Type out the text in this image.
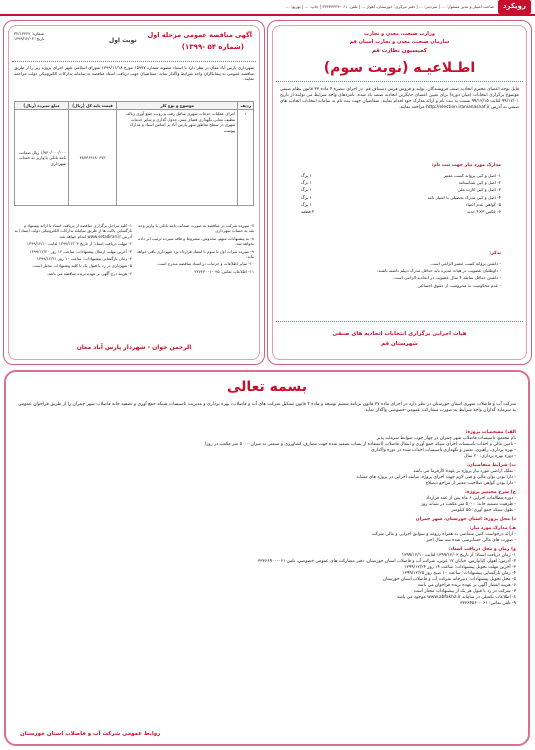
رویکرد
صاحب امتیاز و مدیر مسئول: ... | سردبیر: ... | دفتر مرکزی: خوزستان، اهواز ... | تلفن: ۰۶۱-۳۳۳۳۳۳۳۳ | چاپ: ... | توزیع: ...
وزارت صنعت، معدن و تجارت
سازمان صنعت، معدن و تجارت استان قم
کمیسیون نظارت قم
اطـلاعیـه (نوبت سوم)
قابل توجه اعضای محترم اتحادیه صنف فروشندگان، تولید و فروش فرش دستباف قم. در اجرای تبصره ۴ ماده ۳۳ قانون نظام صنفی موضوع برگزاری انتخابات (میان دوره) برای تعیین اعضای جایگزین اتحادیه صنف یاد شده، نامزدهای واجد شرایط می توانند از تاریخ ۹۹/۱۲/۰۱ لغایت ۹۹/۱۲/۱۵ نسبت به ثبت نام و ارائه مدارک خود اقدام نمایند. متقاضیان جهت ثبت نام به سامانه انتخابات اتحادیه های صنفی به آدرس http://election.iranianasnaf.ir مراجعه نمایند.
مدارک مورد نیاز جهت ثبت نام:
۱- اصل و کپی پروانه کسب معتبر
۱ برگ
۲- اصل و کپی شناسنامه
۱ برگ
۳- اصل و کپی کارت ملی
۱ برگ
۴- اصل و کپی مدرک تحصیلی یا امتیاز نامه
۱ برگ
۵- گواهی عدم اعتیاد
۱ برگ
۶- عکس ۳×۴ جدید
۴ قطعه
تذکر:
- داشتن پروانه کسب معتبر الزامی است.
- داوطلبان عضویت در هیات مدیره باید حداقل مدرک دیپلم داشته باشند.
- داشتن حداقل سابقه ۴ سال عضویت در اتحادیه الزامی است.
- عدم محکومیت به محرومیت از حقوق اجتماعی
هیات اجرایی برگزاری انتخابات اتحادیه های صنفی
شهرستان قم
نوبت اول
شماره: ۳۲/۱۳۲۲۲
تاریخ: ۱۳۹۹/۱۲/۰۳	آگهی مناقصه عمومی مرحله اول
(شماره ۵۴ -۱۳۹۹)
شهرداری پارس آباد مغان در نظر دارد با استناد مصوبه شماره ۱۵۹۷۷ مورخ ۱۳۹۹/۱۱/۱۸ شورای اسلامی شهر اجرای پروژه زیر را از طریق مناقصه عمومی به پیمانکاران واجد شرایط واگذار نماید. متقاضیان جهت دریافت اسناد مناقصه به سامانه تدارکات الکترونیکی دولت مراجعه نمایند.
ردیف	موضوع و نوع کار	قیمت پایه کل (ریال)	مبلغ سپرده (ریال)
۱	اجرای عملیات خدمات شهری شامل رفت و روب، جمع آوری زباله، تنظیف معابر، نگهداری فضای سبز، جدول گذاری و سایر خدمات شهری در سطح مناطق شهر پارس آباد بر اساس اسناد و مدارک پیوست	۳۸۷۳۶۴۶۸۰۶۷۳	۱/۹۳۰/۰۰۰/۰۰۰ ریال ضمانت نامه بانکی یا واریز به حساب شهرداری
۷- سپرده شرکت در مناقصه به صورت ضمانت نامه بانکی یا واریز وجه نقد به حساب شهرداری
۸- به پیشنهادات مبهم، مخدوش، مشروط و فاقد سپرده ترتیب اثر داده نخواهد شد.
۹- سپرده نفرات اول تا سوم تا انعقاد قرارداد نزد شهرداری باقی خواهد ماند.
۱۰- سایر اطلاعات و جزئیات در اسناد مناقصه مندرج است.
۱۱- اطلاعات تماس: ۰۴۵-۳۲۷۲۳۰۰۱
۱- کلیه مراحل برگزاری مناقصه از دریافت اسناد تا ارائه پیشنهاد و بازگشایی پاکت ها از طریق سامانه تدارکات الکترونیکی دولت (ستاد) به آدرس www.setadiran.ir انجام خواهد شد.
۲- مهلت دریافت اسناد: از تاریخ ۱۳۹۹/۱۲/۰۳ لغایت ۱۳۹۹/۱۲/۱۰
۳- آخرین مهلت ارسال پیشنهادات: ساعت ۱۴ روز ۱۳۹۹/۱۲/۲۰
۴- زمان بازگشایی پیشنهادات: ساعت ۱۰ روز ۱۳۹۹/۱۲/۲۱
۵- شهرداری در رد یا قبول یک یا کلیه پیشنهادات مختار است.
۶- هزینه درج آگهی بر عهده برنده مناقصه می باشد.
الرحمن جوان - شهردار پارس آباد مغان
بسمه تعالی
شرکت آب و فاضلاب شهری استان خوزستان در نظر دارد در اجرای ماده ۲۷ قانون برنامه ششم توسعه و ماده ۳ قانون تشکیل شرکت های آب و فاضلاب، بهره برداری و مدیریت تاسیسات شبکه جمع آوری و تصفیه خانه فاضلاب شهر چمران را از طریق فراخوان عمومی به سرمایه گذاران واجد شرایط به صورت مشارکت عمومی-خصوصی واگذار نماید.
الف) مشخصات پروژه:
نام مجتمع: تاسیسات فاضلاب شهر چمران در چهار چوب ضوابط سرمایه پذیر
- تامین مالی و احداث تاسیسات اجرای شبکه جمع آوری و انتقال فاضلاب (استفاده از پساب تصفیه شده جهت مصارف کشاورزی و صنعتی به میزان ۵۰۰۰ متر مکعب در روز)
- بهره برداری، راهبری، تعمیر و نگهداری تاسیسات احداث شده در دوره واگذاری
- دوره بهره برداری: ۲۰ سال
ب) شرایط متقاضیان:
- تملک اراضی مورد نیاز پروژه بر عهده کارفرما می باشد
- دارا بودن توان مالی و فنی لازم جهت اجرای پروژه، سابقه اجرایی در پروژه های مشابه
- دارا بودن گواهی صلاحیت معتبر از مراجع ذیصلاح
ج) شرح مختصر پروژه:
- دوره مطالعات اجرایی ۶ ماه پس از عقد قرارداد
- ظرفیت تصفیه خانه: ۵۰۰۰ متر مکعب در شبانه روز
- طول شبکه جمع آوری: ۵۵ کیلومتر
د) محل پروژه: استان خوزستان، شهر چمران
هـ) مدارک مورد نیاز:
- ارائه درخواست کتبی متقاضی به همراه رزومه و سوابق اجرایی و مالی شرکت
- صورت های مالی حسابرسی شده سه سال اخیر
و) زمان و محل دریافت اسناد:
۱- زمان دریافت اسناد: از تاریخ ۱۳۹۹/۱۲/۰۳ لغایت ۱۳۹۹/۱۲/۱۰
۲- آدرس: اهواز، کیانپارس، خیابان ۱۷ غربی، شرکت آب و فاضلاب استان خوزستان، دفتر مشارکت های عمومی خصوصی، تلفن ۰۶۱-۳۳۳۶۶۹۰۰
۳- آخرین مهلت تحویل پیشنهادات: ساعت ۱۴ روز ۱۳۹۹/۱۲/۲۴
۴- زمان بازگشایی پیشنهادات: ساعت ۱۰ صبح روز ۱۳۹۹/۱۲/۲۵
۵- محل تحویل پیشنهادات: دبیرخانه شرکت آب و فاضلاب استان خوزستان
۶- هزینه انتشار آگهی بر عهده برنده فراخوان می باشد
۷- شرکت در رد یا قبول هر یک از پیشنهادات مختار است
۸- اطلاعات تکمیلی در سامانه www.abfakhz.ir موجود می باشد
۹- تلفن تماس: ۰۶۱-۳۳۳۸۴۵۶۰
روابط عمومی شرکت آب و فاضلاب استان خوزستان
